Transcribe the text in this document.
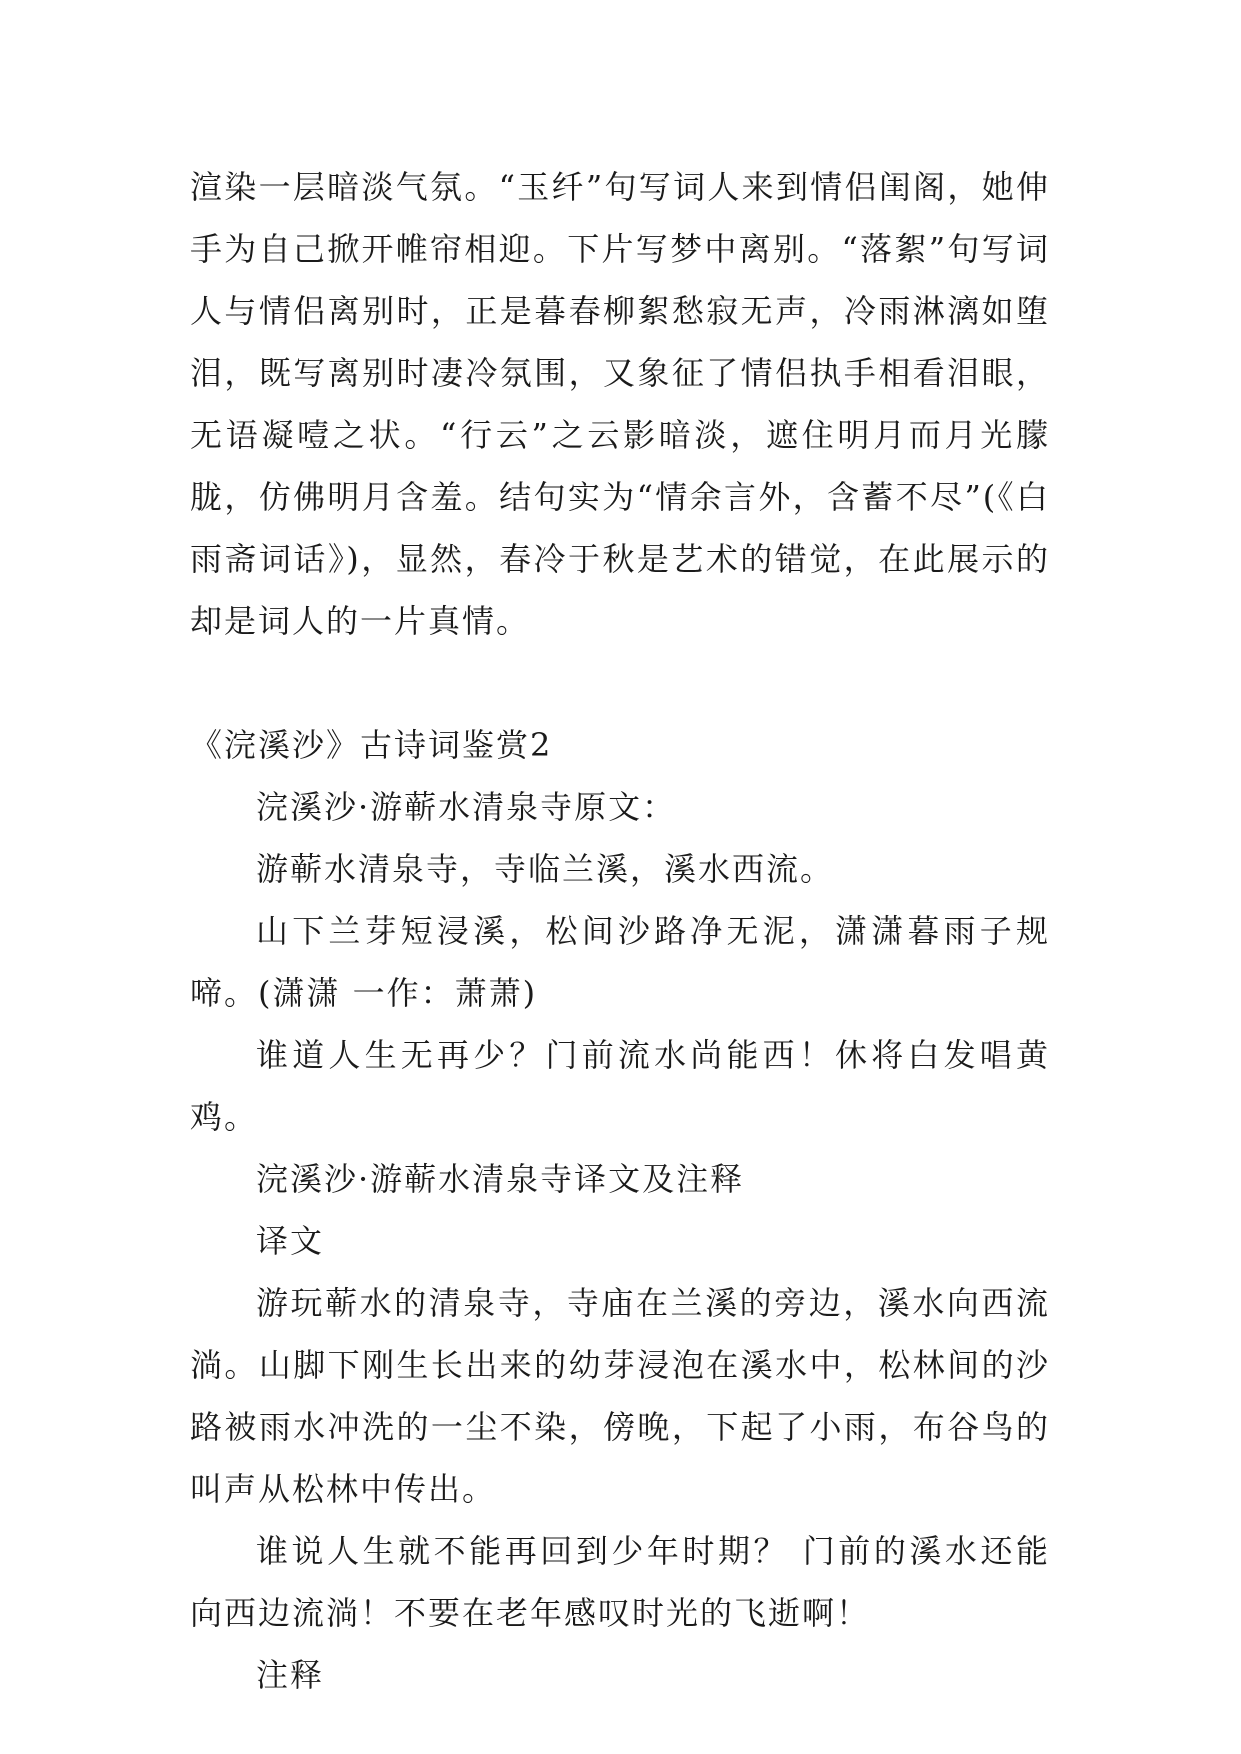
渲染一层暗淡气氛。“玉纤”句写词人来到情侣闺阁，她伸手为自己掀开帷帘相迎。下片写梦中离别。“落絮”句写词人与情侣离别时，正是暮春柳絮愁寂无声，冷雨淋漓如堕泪，既写离别时凄冷氛围，又象征了情侣执手相看泪眼，无语凝噎之状。“行云”之云影暗淡，遮住明月而月光朦胧，仿佛明月含羞。结句实为“情余言外，含蓄不尽”(《白雨斋词话》)，显然，春冷于秋是艺术的错觉，在此展示的却是词人的一片真情。

《浣溪沙》古诗词鉴赏2

浣溪沙·游蕲水清泉寺原文：

游蕲水清泉寺，寺临兰溪，溪水西流。

山下兰芽短浸溪，松间沙路净无泥，潇潇暮雨子规啼。(潇潇 一作：萧萧)

谁道人生无再少？门前流水尚能西！休将白发唱黄鸡。

浣溪沙·游蕲水清泉寺译文及注释

译文

游玩蕲水的清泉寺，寺庙在兰溪的旁边，溪水向西流淌。山脚下刚生长出来的幼芽浸泡在溪水中，松林间的沙路被雨水冲洗的一尘不染，傍晚，下起了小雨，布谷鸟的叫声从松林中传出。

谁说人生就不能再回到少年时期？ 门前的溪水还能向西边流淌！不要在老年感叹时光的飞逝啊！

注释
